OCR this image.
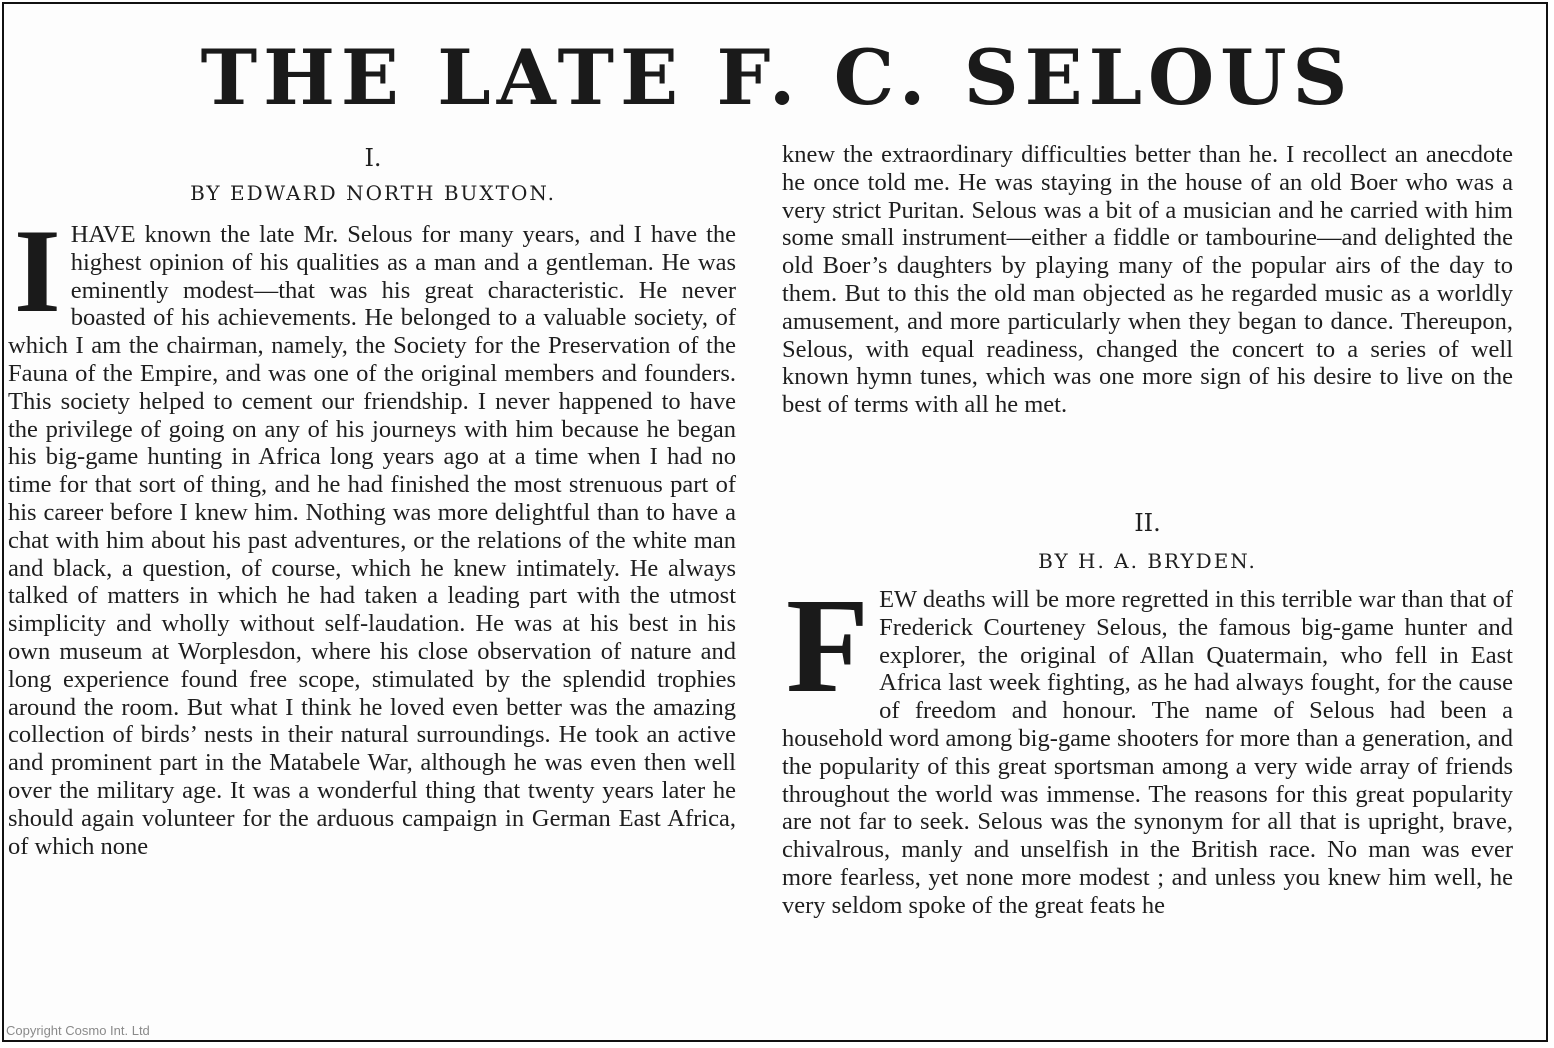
THE LATE F. C. SELOUS
I.
BY EDWARD NORTH BUXTON.
I HAVE known the late Mr. Selous for many years, and I have the highest opinion of his qualities as a man and a gentleman. He was eminently modest—that was his great characteristic. He never boasted of his achievements. He belonged to a valuable society, of which I am the chairman, namely, the Society for the Preservation of the Fauna of the Empire, and was one of the original members and founders. This society helped to cement our friendship. I never happened to have the privilege of going on any of his journeys with him because he began his big-game hunting in Africa long years ago at a time when I had no time for that sort of thing, and he had finished the most strenuous part of his career before I knew him. Nothing was more delightful than to have a chat with him about his past adventures, or the relations of the white man and black, a question, of course, which he knew intimately. He always talked of matters in which he had taken a leading part with the utmost simplicity and wholly without self-laudation. He was at his best in his own museum at Worplesdon, where his close observation of nature and long experience found free scope, stimulated by the splendid trophies around the room. But what I think he loved even better was the amazing collection of birds’ nests in their natural surroundings. He took an active and prominent part in the Matabele War, although he was even then well over the military age. It was a wonderful thing that twenty years later he should again volunteer for the arduous campaign in German East Africa, of which none
knew the extraordinary difficulties better than he. I recollect an anecdote he once told me. He was staying in the house of an old Boer who was a very strict Puritan. Selous was a bit of a musician and he carried with him some small instrument—either a fiddle or tambourine—and delighted the old Boer’s daughters by playing many of the popular airs of the day to them. But to this the old man objected as he regarded music as a worldly amusement, and more particularly when they began to dance. Thereupon, Selous, with equal readiness, changed the concert to a series of well known hymn tunes, which was one more sign of his desire to live on the best of terms with all he met.
II.
BY H. A. BRYDEN.
F EW deaths will be more regretted in this terrible war than that of Frederick Courteney Selous, the famous big-game hunter and explorer, the original of Allan Quatermain, who fell in East Africa last week fighting, as he had always fought, for the cause of freedom and honour. The name of Selous had been a household word among big-game shooters for more than a generation, and the popularity of this great sportsman among a very wide array of friends throughout the world was immense. The reasons for this great popularity are not far to seek. Selous was the synonym for all that is upright, brave, chivalrous, manly and unselfish in the British race. No man was ever more fearless, yet none more modest ; and unless you knew him well, he very seldom spoke of the great feats he
Copyright Cosmo Int. Ltd
